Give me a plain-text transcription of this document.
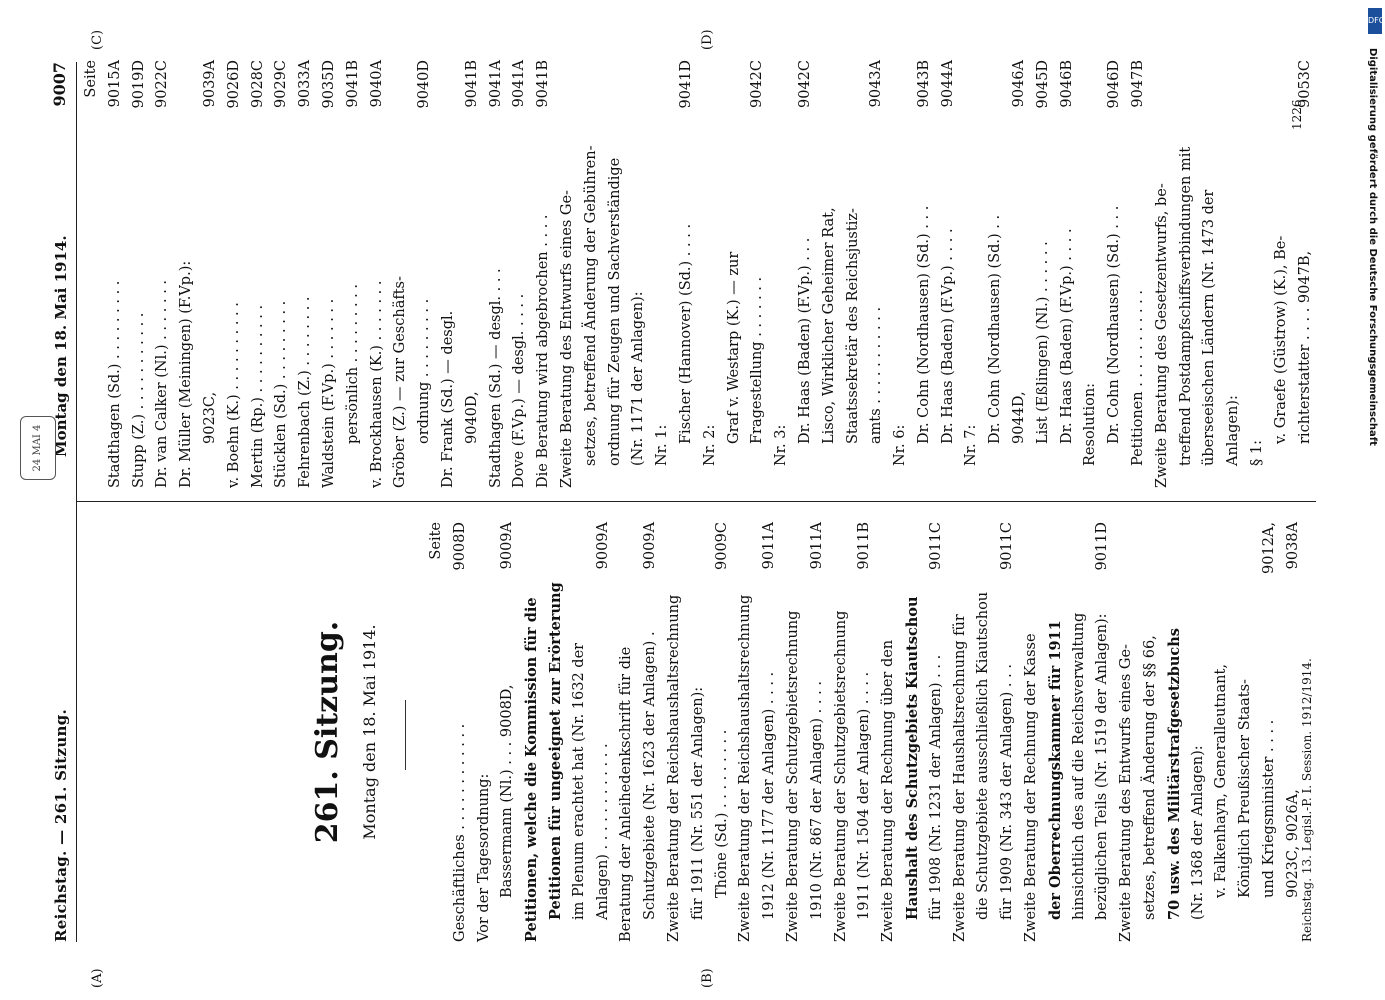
Reichstag. — 261. Sitzung.
Montag den 18. Mai 1914.
9007
24 MAI 4
(A)	(B)
(C)	(D)
261. Sitzung. Montag den 18. Mai 1914.
Seite
Geschäftliches . . . . . . . . . . . .
9008D
Vor der Tagesordnung: Bassermann (Nl.) . . . 9008D,
9009A
Petitionen, welche die Kommission für die Petitionen für ungeeignet zur Erörterung im Plenum erachtet hat (Nr. 1632 der Anlagen) . . . . . . . . . . . .
9009A
Beratung der Anleihedenkschrift für die Schutzgebiete (Nr. 1623 der Anlagen) .
9009A
Zweite Beratung der Reichshaushaltsrechnung für 1911 (Nr. 551 der Anlagen): Thöne (Sd.) . . . . . . . . .
9009C
Zweite Beratung der Reichshaushaltsrechnung 1912 (Nr. 1177 der Anlagen) . . . .
9011A
Zweite Beratung der Schutzgebietsrechnung 1910 (Nr. 867 der Anlagen) . . . .
9011A
Zweite Beratung der Schutzgebietsrechnung 1911 (Nr. 1504 der Anlagen) . . . .
9011B
Zweite Beratung der Rechnung über den Haushalt des Schutzgebiets Kiautschou für 1908 (Nr. 1231 der Anlagen) . . .
9011C
Zweite Beratung der Haushaltsrechnung für die Schutzgebiete ausschließlich Kiautschou für 1909 (Nr. 343 der Anlagen) . . .
9011C
Zweite Beratung der Rechnung der Kasse der Oberrechnungskammer für 1911 hinsichtlich des auf die Reichsverwaltung bezüglichen Teils (Nr. 1519 der Anlagen):
9011D
Zweite Beratung des Entwurfs eines Ge- setzes, betreffend Änderung der §§ 66, 70 usw. des Militärstrafgesetzbuchs (Nr. 1368 der Anlagen): v. Falkenhayn, Generalleutnant, Königlich Preußischer Staats- und Kriegsminister . . . .
9012A,
9023C, 9026A,
9038A
Seite
Stadthagen (Sd.) . . . . . . . . .
9015A
Stupp (Z.) . . . . . . . . . . .
9019D
Dr. van Calker (Nl.) . . . . . . .
9022C
Dr. Müller (Meiningen) (F.Vp.): 9023C,
9039A
v. Boehn (K.) . . . . . . . . . .
9026D
Mertin (Rp.) . . . . . . . . . .
9028C
Stücklen (Sd.) . . . . . . . . .
9029C
Fehrenbach (Z.) . . . . . . . .
9033A
Waldstein (F.Vp.) . . . . . . .
9035D
persönlich . . . . . . . . .
9041B
v. Brockhausen (K.) . . . . . . .
9040A
Gröber (Z.) — zur Geschäfts- ordnung . . . . . . . . .
9040D
Dr. Frank (Sd.) — desgl. 9040D,
9041B
Stadthagen (Sd.) — desgl. . . .
9041A
Dove (F.Vp.) — desgl. . . . .
9041A
Die Beratung wird abgebrochen . . . .
9041B
Zweite Beratung des Entwurfs eines Ge- setzes, betreffend Änderung der Gebühren- ordnung für Zeugen und Sachverständige (Nr. 1171 der Anlagen): Nr. 1:
Fischer (Hannover) (Sd.) . . . .
9041D
Nr. 2:
Graf v. Westarp (K.) — zur Fragestellung . . . . . . .
9042C
Nr. 3:
Dr. Haas (Baden) (F.Vp.) . . .
9042C
Lisco, Wirklicher Geheimer Rat, Staatssekretär des Reichsjustiz- amts . . . . . . . . . . .
9043A
Nr. 6:
Dr. Cohn (Nordhausen) (Sd.) . . .
9043B
Dr. Haas (Baden) (F.Vp.) . . . .
9044A
Nr. 7:
Dr. Cohn (Nordhausen) (Sd.) . . 9044D,
9046A
List (Eßlingen) (Nl.) . . . . . .
9045D
Dr. Haas (Baden) (F.Vp.) . . . .
9046B
Resolution: Dr. Cohn (Nordhausen) (Sd.) . . .
9046D
Petitionen . . . . . . . . . . .
9047B
Zweite Beratung des Gesetzentwurfs, be- treffend Postdampfschiffsverbindungen mit überseeischen Ländern (Nr. 1473 der Anlagen): § 1:
v. Graefe (Güstrow) (K.), Be- richterstatter . . . . 9047B,
9053C
Reichstag. 13. Legisl.-P. I. Session. 1912/1914.
1226
DFG
Digitalisierung gefördert durch die Deutsche Forschungsgemeinschaft
